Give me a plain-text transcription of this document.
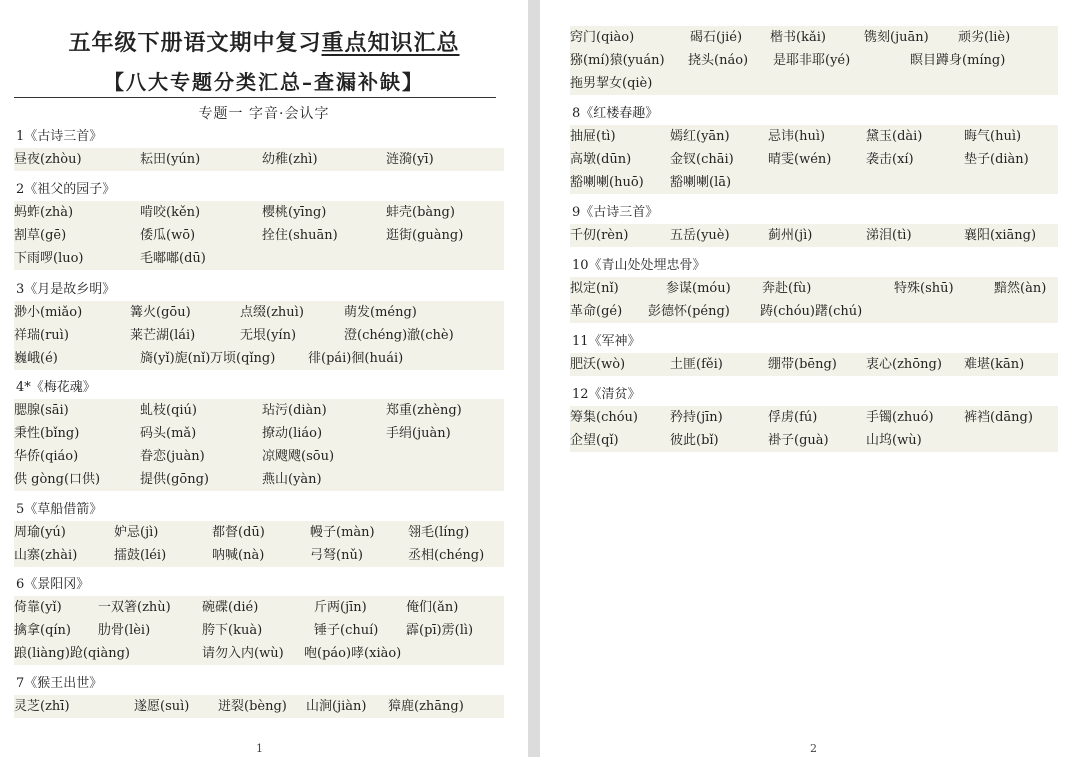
五年级下册语文期中复习重点知识汇总
【八大专题分类汇总–查漏补缺】
专题一 字音·会认字
1《古诗三首》
昼夜(zhòu)	耘田(yún)	幼稚(zhì)	涟漪(yī)
2《祖父的园子》
蚂蚱(zhà)	啃咬(kěn)	樱桃(yīng)	蚌壳(bàng)
割草(gē)	倭瓜(wō)	拴住(shuān)	逛街(guàng)
下雨啰(luo)	毛嘟嘟(dū)
3《月是故乡明》
渺小(miǎo)	篝火(gōu)	点缀(zhuì)	萌发(méng)
祥瑞(ruì)	莱芒湖(lái)	无垠(yín)	澄(chéng)澈(chè)
巍峨(é)	旖(yǐ)旎(nǐ) 万顷(qǐng)	徘(pái)徊(huái)
4*《梅花魂》
腮腺(sāi)	虬枝(qiú)	玷污(diàn)	郑重(zhèng)
秉性(bǐng)	码头(mǎ)	撩动(liáo)	手绢(juàn)
华侨(qiáo)	眷恋(juàn)	凉飕飕(sōu)
供 gòng(口供)	提供(gōng)	燕山(yàn)
5《草船借箭》
周瑜(yú)	妒忌(jì)	都督(dū)	幔子(màn)	翎毛(líng)
山寨(zhài)	擂鼓(léi)	呐喊(nà)	弓弩(nǔ)	丞相(chéng)
6《景阳冈》
倚靠(yǐ)	一双箸(zhù) 碗碟(dié)	斤两(jīn)	俺们(ǎn)
擒拿(qín) 肋骨(lèi)	胯下(kuà)	锤子(chuí) 霹(pī)雳(lì)
踉(liàng)跄(qiàng)	请勿入内(wù) 咆(páo)哮(xiào)
7《猴王出世》
灵芝(zhī)	遂愿(suì) 迸裂(bèng) 山涧(jiàn) 獐鹿(zhāng)
1
窍门(qiào)	碣石(jié) 楷书(kǎi)	镌刻(juān) 顽劣(liè)
猕(mí)猿(yuán) 挠头(náo) 是耶非耶(yé)	瞑目蹲身(míng)
拖男挈女(qiè)
8《红楼春趣》
抽屉(tì)	嫣红(yān)	忌讳(huì)	黛玉(dài)	晦气(huì)
高墩(dūn)	金钗(chāi)	晴雯(wén)	袭击(xí)	垫子(diàn)
豁喇喇(huō) 豁喇喇(lā)
9《古诗三首》
千仞(rèn)	五岳(yuè)	蓟州(jì)	涕泪(tì)	襄阳(xiāng)
10《青山处处埋忠骨》
拟定(nǐ)	参谋(móu) 奔赴(fù)	特殊(shū)	黯然(àn)
革命(gé) 彭德怀(péng) 踌(chóu)躇(chú)
11《军神》
肥沃(wò)	土匪(fěi)	绷带(bēng) 衷心(zhōng) 难堪(kān)
12《清贫》
筹集(chóu) 矜持(jīn)	俘虏(fú)	手镯(zhuó) 裤裆(dāng)
企望(qǐ)	彼此(bǐ)	褂子(guà)	山坞(wù)
2
